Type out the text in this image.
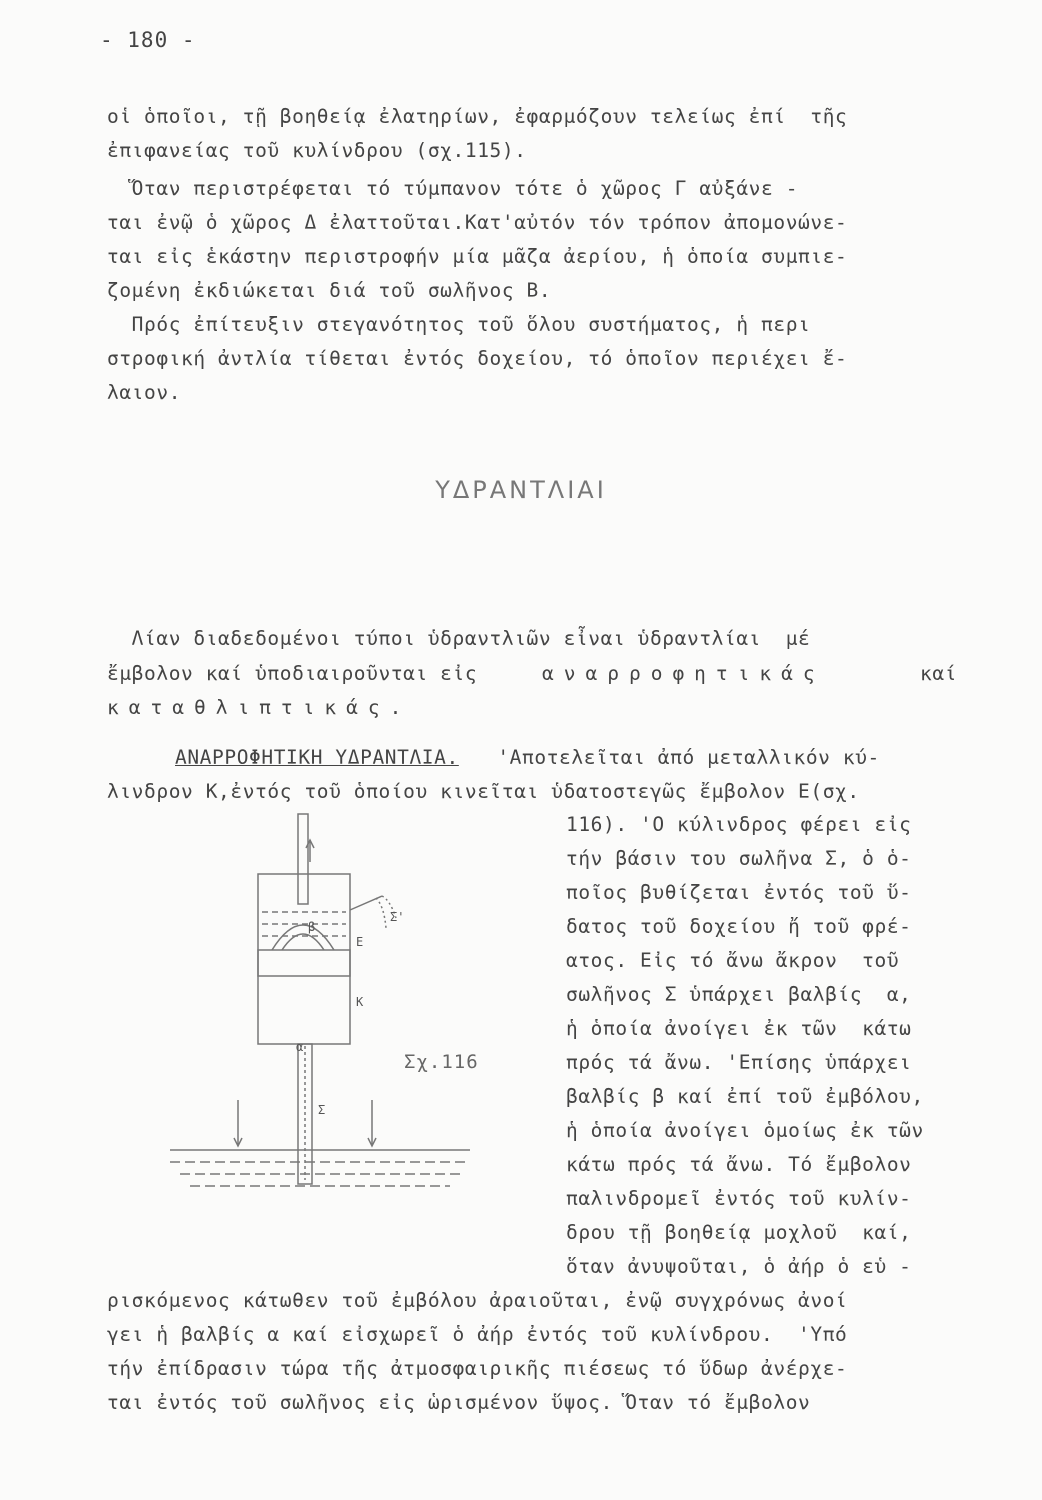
- 180 -
οἱ ὁποῖοι, τῇ βοηθείᾳ ἐλατηρίων, ἐφαρμόζουν τελείως ἐπί  τῆς
ἐπιφανείας τοῦ κυλίνδρου (σχ.115).
Ὅταν περιστρέφεται τό τύμπανον τότε ὁ χῶρος Γ αὐξάνε -
ται ἐνῷ ὁ χῶρος Δ ἐλαττοῦται.Κατ'αὐτόν τόν τρόπον ἀπομονώνε-
ται εἰς ἑκάστην περιστροφήν μία μᾶζα ἀερίου, ἡ ὁποία συμπιε-
ζομένη ἐκδιώκεται διά τοῦ σωλῆνος Β.
Πρός ἐπίτευξιν στεγανότητος τοῦ ὅλου συστήματος, ἡ περι
στροφική ἀντλία τίθεται ἐντός δοχείου, τό ὁποῖον περιέχει ἔ-
λαιον.
ΥΔΡΑΝΤΛΙΑΙ
Λίαν διαδεδομένοι τύποι ὑδραντλιῶν εἶναι ὑδραντλίαι  μέ
ἔμβολον καί ὑποδιαιροῦνται εἰς	αναρροφητικάς	καί
καταθλιπτικάς.
ΑΝΑΡΡΟΦΗΤΙΚΗ ΥΔΡΑΝΤΛΙΑ. 'Αποτελεῖται ἀπό μεταλλικόν κύ-
λινδρον Κ,ἐντός τοῦ ὁποίου κινεῖται ὑδατοστεγῶς ἔμβολον Ε(σχ.
116). 'Ο κύλινδρος φέρει εἰς
τήν βάσιν του σωλῆνα Σ, ὁ ὁ-
ποῖος βυθίζεται ἐντός τοῦ ὕ-
δατος τοῦ δοχείου ἤ τοῦ φρέ-
ατος. Εἰς τό ἄνω ἄκρον  τοῦ
σωλῆνος Σ ὑπάρχει βαλβίς  α,
ἡ ὁποία ἀνοίγει ἐκ τῶν  κάτω
πρός τά ἄνω. 'Επίσης ὑπάρχει
βαλβίς β καί ἐπί τοῦ ἐμβόλου,
ἡ ὁποία ἀνοίγει ὁμοίως ἐκ τῶν
κάτω πρός τά ἄνω. Τό ἔμβολον
παλινδρομεῖ ἐντός τοῦ κυλίν-
δρου τῇ βοηθείᾳ μοχλοῦ  καί,
ὅταν ἀνυψοῦται, ὁ ἀήρ ὁ εὑ -
ρισκόμενος κάτωθεν τοῦ ἐμβόλου ἀραιοῦται, ἐνῷ συγχρόνως ἀνοί
γει ἡ βαλβίς α καί εἰσχωρεῖ ὁ ἀήρ ἐντός τοῦ κυλίνδρου.  'Υπό
τήν ἐπίδρασιν τώρα τῆς ἀτμοσφαιρικῆς πιέσεως τό ὕδωρ ἀνέρχε-
ται ἐντός τοῦ σωλῆνος εἰς ὡρισμένον ὕψος. Ὅταν τό ἔμβολον
Σ'
Ε
Κ
Σ
α
β
Σχ.116
